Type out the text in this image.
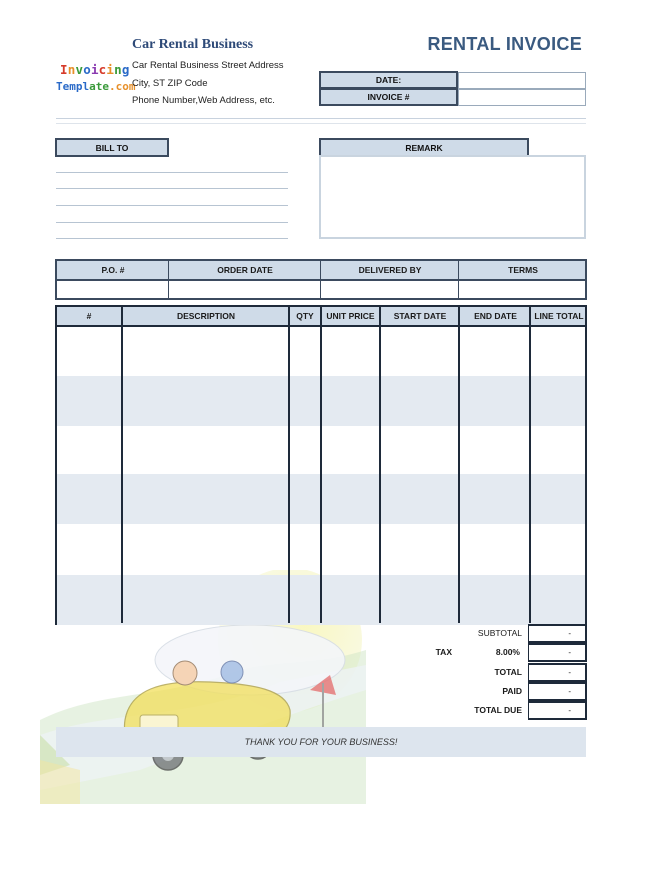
Car Rental Business
Invoicing
Template.com
Car Rental Business Street Address
City, ST ZIP Code
Phone Number,Web Address, etc.
RENTAL INVOICE
DATE:
INVOICE #
BILL TO	REMARK
P.O. #	ORDER DATE	DELIVERED BY	TERMS
#	DESCRIPTION	QTY	UNIT PRICE	START DATE	END DATE	LINE TOTAL
SUBTOTAL	-
TAX	8.00%	-
TOTAL	-
PAID	-
TOTAL DUE	-
THANK YOU FOR YOUR BUSINESS!
